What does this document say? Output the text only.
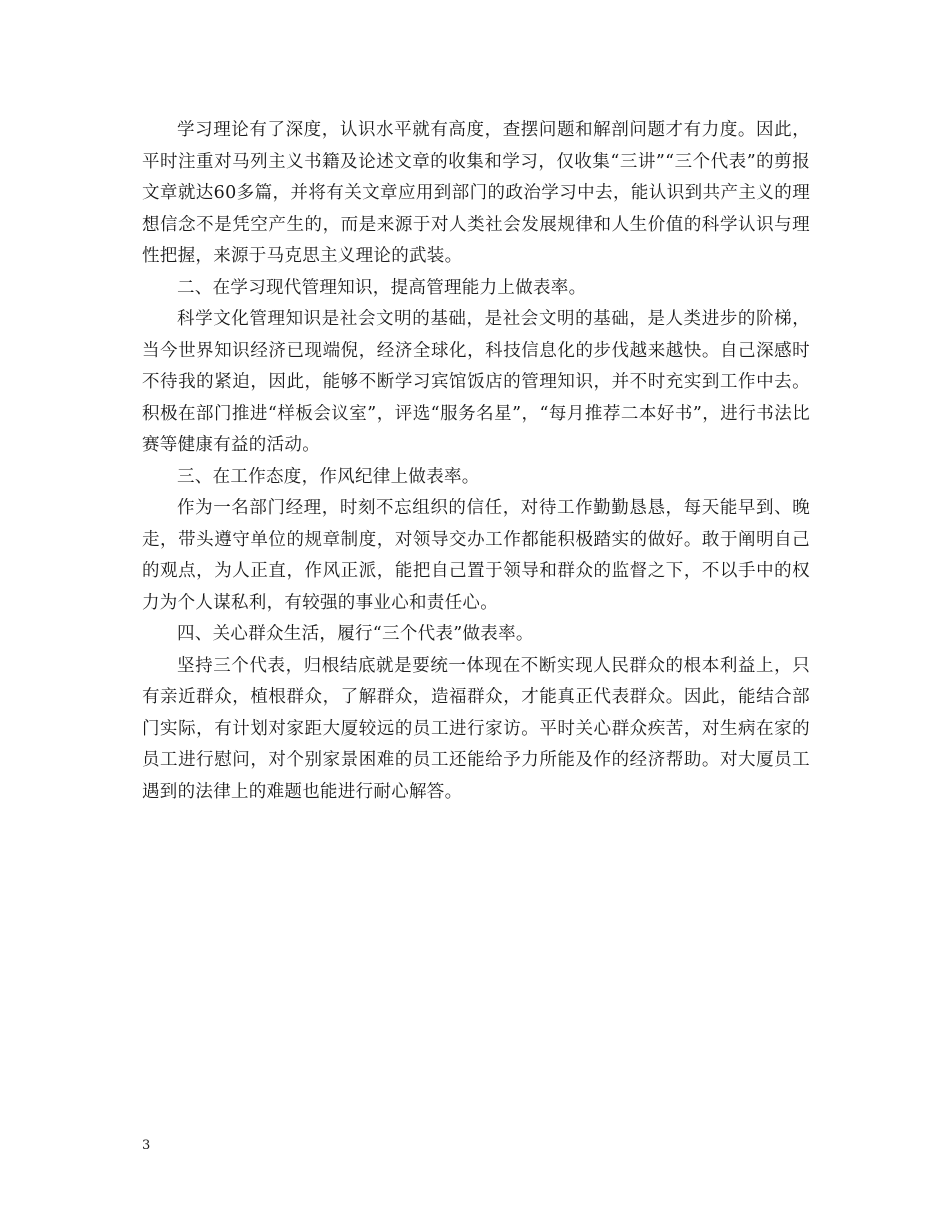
学习理论有了深度，认识水平就有高度，查摆问题和解剖问题才有力度。因此，平时注重对马列主义书籍及论述文章的收集和学习，仅收集“三讲”“三个代表”的剪报文章就达60多篇，并将有关文章应用到部门的政治学习中去，能认识到共产主义的理想信念不是凭空产生的，而是来源于对人类社会发展规律和人生价值的科学认识与理性把握，来源于马克思主义理论的武装。

二、在学习现代管理知识，提高管理能力上做表率。

科学文化管理知识是社会文明的基础，是社会文明的基础，是人类进步的阶梯，当今世界知识经济已现端倪，经济全球化，科技信息化的步伐越来越快。自己深感时不待我的紧迫，因此，能够不断学习宾馆饭店的管理知识，并不时充实到工作中去。积极在部门推进“样板会议室”，评选“服务名星”，“每月推荐二本好书”，进行书法比赛等健康有益的活动。

三、在工作态度，作风纪律上做表率。

作为一名部门经理，时刻不忘组织的信任，对待工作勤勤恳恳，每天能早到、晚走，带头遵守单位的规章制度，对领导交办工作都能积极踏实的做好。敢于阐明自己的观点，为人正直，作风正派，能把自己置于领导和群众的监督之下，不以手中的权力为个人谋私利，有较强的事业心和责任心。

四、关心群众生活，履行“三个代表”做表率。

坚持三个代表，归根结底就是要统一体现在不断实现人民群众的根本利益上，只有亲近群众，植根群众，了解群众，造福群众，才能真正代表群众。因此，能结合部门实际，有计划对家距大厦较远的员工进行家访。平时关心群众疾苦，对生病在家的员工进行慰问，对个别家景困难的员工还能给予力所能及作的经济帮助。对大厦员工遇到的法律上的难题也能进行耐心解答。

3
